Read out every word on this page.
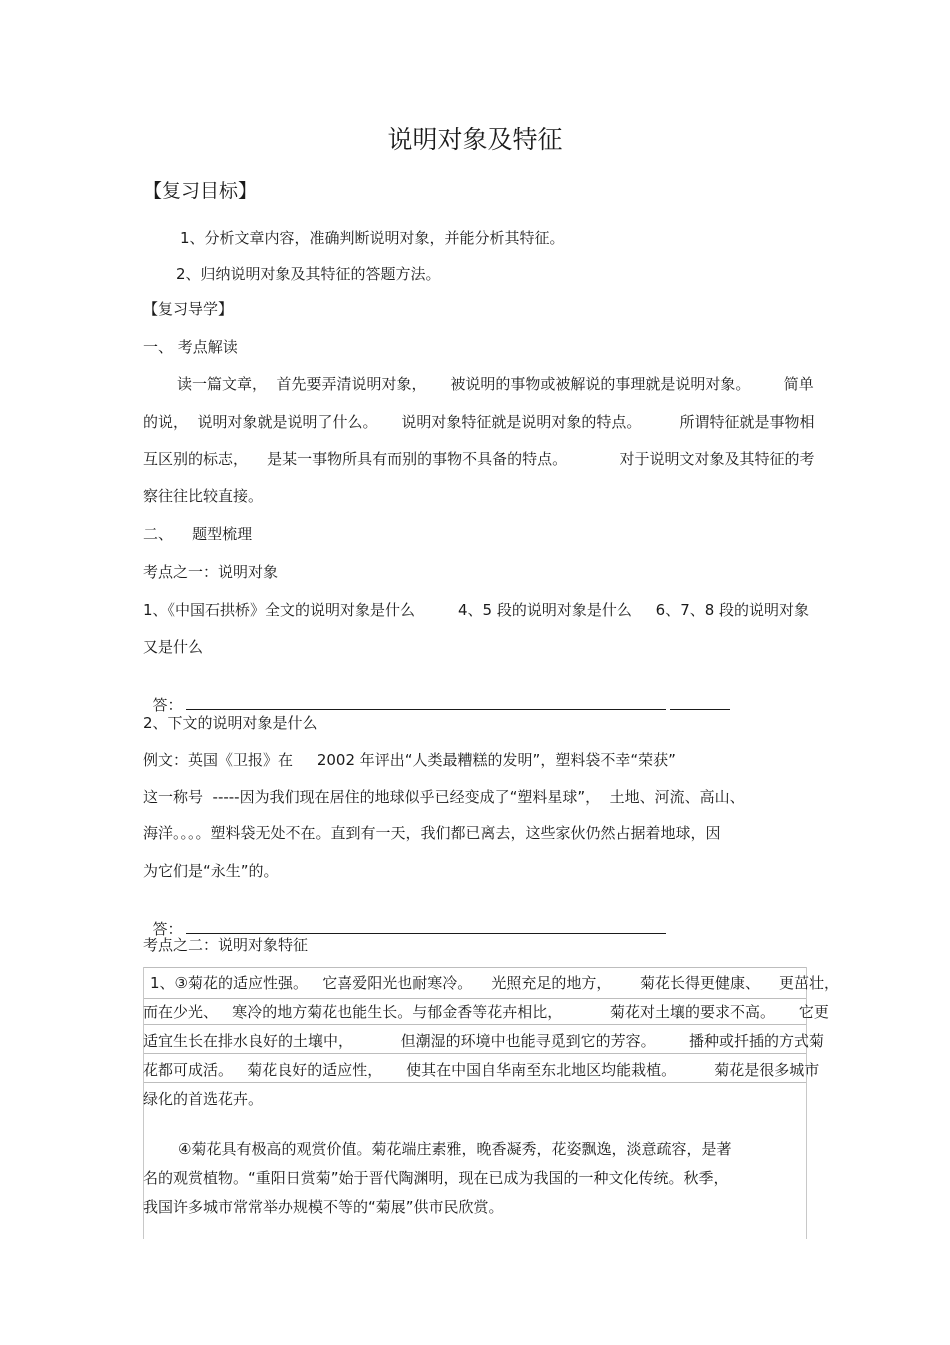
说明对象及特征
【复习目标】
1、分析文章内容，准确判断说明对象，并能分析其特征。
2、归纳说明对象及其特征的答题方法。
【复习导学】
一、 考点解读
读一篇文章，  首先要弄清说明对象，     被说明的事物或被解说的事理就是说明对象。       简单
的说，  说明对象就是说明了什么。     说明对象特征就是说明对象的特点。        所谓特征就是事物相
互区别的标志，    是某一事物所具有而别的事物不具备的特点。           对于说明文对象及其特征的考
察往往比较直接。
二、    题型梳理
考点之一：说明对象
1、《中国石拱桥》全文的说明对象是什么         4、5 段的说明对象是什么     6、7、8 段的说明对象
又是什么

答：

2、下文的说明对象是什么
例文：英国《卫报》在     2002 年评出“人类最糟糕的发明”，塑料袋不幸“荣获”
这一称号  -----因为我们现在居住的地球似乎已经变成了“塑料星球”，  土地、河流、高山、
海洋。。。。塑料袋无处不在。直到有一天，我们都已离去，这些家伙仍然占据着地球，因
为它们是“永生”的。

答：

考点之二：说明对象特征
1、③菊花的适应性强。   它喜爱阳光也耐寒冷。    光照充足的地方，      菊花长得更健康、    更茁壮，
而在少光、   寒冷的地方菊花也能生长。与郁金香等花卉相比，          菊花对土壤的要求不高。     它更
适宜生长在排水良好的土壤中，          但潮湿的环境中也能寻觅到它的芳容。       播种或扦插的方式菊
花都可成活。   菊花良好的适应性，     使其在中国自华南至东北地区均能栽植。        菊花是很多城市
绿化的首选花卉。
④菊花具有极高的观赏价值。菊花端庄素雅，晚香凝秀，花姿飘逸，淡意疏容，是著
名的观赏植物。“重阳日赏菊”始于晋代陶渊明，现在已成为我国的一种文化传统。秋季，
我国许多城市常常举办规模不等的“菊展”供市民欣赏。
